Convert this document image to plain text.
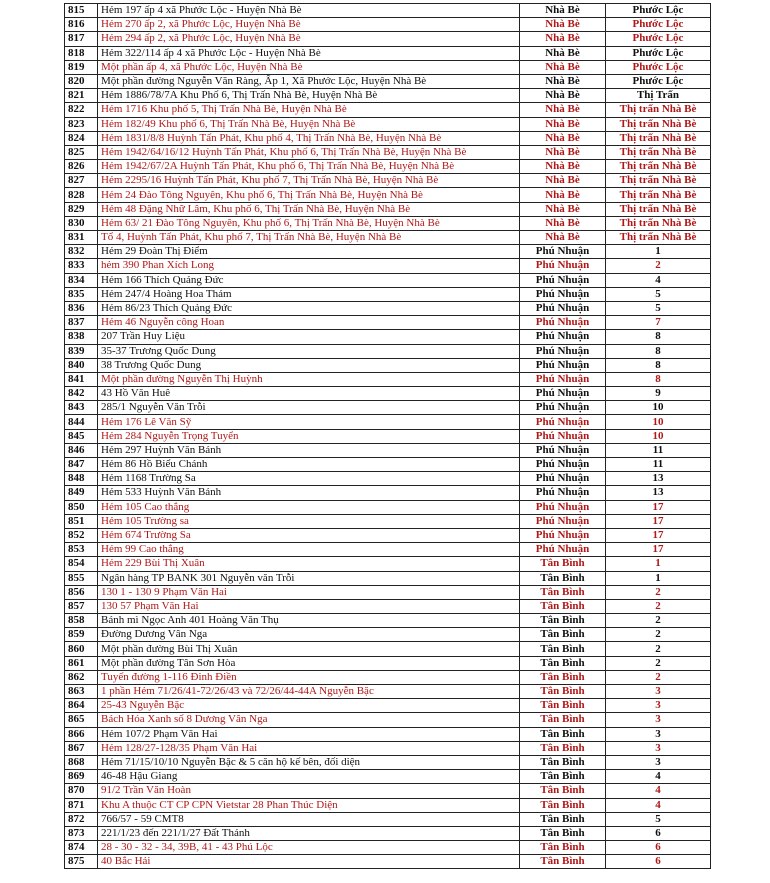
815	Hẻm 197 ấp 4 xã Phước Lộc - Huyện Nhà Bè	Nhà Bè	Phước Lộc
816	Hẻm 270 ấp 2, xã Phước Lộc, Huyện Nhà Bè	Nhà Bè	Phước Lộc
817	Hẻm 294 ấp 2, xã Phước Lộc, Huyện Nhà Bè	Nhà Bè	Phước Lộc
818	Hẻm 322/114 ấp 4 xã Phước Lộc - Huyện Nhà Bè	Nhà Bè	Phước Lộc
819	Một phần ấp 4, xã Phước Lộc, Huyện Nhà Bè	Nhà Bè	Phước Lộc
820	Một phần đường Nguyễn Văn Ràng, Ấp 1, Xã Phước Lộc, Huyện Nhà Bè	Nhà Bè	Phước Lộc
821	Hẻm 1886/78/7A Khu Phố 6, Thị Trấn Nhà Bè, Huyện Nhà Bè	Nhà Bè	Thị Trấn
822	Hẻm 1716 Khu phố 5, Thị Trấn Nhà Bè, Huyện Nhà Bè	Nhà Bè	Thị trấn Nhà Bè
823	Hẻm 182/49 Khu phố 6, Thị Trấn Nhà Bè, Huyện Nhà Bè	Nhà Bè	Thị trấn Nhà Bè
824	Hẻm 1831/8/8 Huỳnh Tấn Phát, Khu phố 4, Thị Trấn Nhà Bè, Huyện Nhà Bè	Nhà Bè	Thị trấn Nhà Bè
825	Hẻm 1942/64/16/12 Huỳnh Tấn Phát, Khu phố 6, Thị Trấn Nhà Bè, Huyện Nhà Bè	Nhà Bè	Thị trấn Nhà Bè
826	Hẻm 1942/67/2A Huỳnh Tấn Phát, Khu phố 6, Thị Trấn Nhà Bè, Huyện Nhà Bè	Nhà Bè	Thị trấn Nhà Bè
827	Hẻm 2295/16 Huỳnh Tấn Phát, Khu phố 7, Thị Trấn Nhà Bè, Huyện Nhà Bè	Nhà Bè	Thị trấn Nhà Bè
828	Hẻm 24 Đào Tông Nguyên, Khu phố 6, Thị Trấn Nhà Bè, Huyện Nhà Bè	Nhà Bè	Thị trấn Nhà Bè
829	Hẻm 48 Đặng Nhữ Lâm, Khu phố 6, Thị Trấn Nhà Bè, Huyện Nhà Bè	Nhà Bè	Thị trấn Nhà Bè
830	Hẻm 63/ 21 Đào Tông Nguyên, Khu phố 6, Thị Trấn Nhà Bè, Huyện Nhà Bè	Nhà Bè	Thị trấn Nhà Bè
831	Tổ 4, Huỳnh Tấn Phát, Khu phố 7, Thị Trấn Nhà Bè, Huyện Nhà Bè	Nhà Bè	Thị trấn Nhà Bè
832	Hẻm 29 Đoàn Thị Điểm	Phú Nhuận	1
833	hẻm 390 Phan Xích Long	Phú Nhuận	2
834	Hẻm 166 Thích Quảng Đức	Phú Nhuận	4
835	Hẻm 247/4 Hoàng Hoa Thám	Phú Nhuận	5
836	Hẻm 86/23 Thích Quảng Đức	Phú Nhuận	5
837	Hẻm 46 Nguyễn công Hoan	Phú Nhuận	7
838	207 Trần Huy Liệu	Phú Nhuận	8
839	35-37 Trương Quốc Dung	Phú Nhuận	8
840	38 Trương Quốc Dung	Phú Nhuận	8
841	Một phần đường Nguyễn Thị Huỳnh	Phú Nhuận	8
842	43 Hồ Văn Huê	Phú Nhuận	9
843	285/1 Nguyễn Văn Trỗi	Phú Nhuận	10
844	Hẻm 176 Lê Văn Sỹ	Phú Nhuận	10
845	Hẻm 284 Nguyễn Trọng Tuyển	Phú Nhuận	10
846	Hẻm 297 Huỳnh Văn Bánh	Phú Nhuận	11
847	Hẻm 86 Hồ Biểu Chánh	Phú Nhuận	11
848	Hẻm 1168 Trường Sa	Phú Nhuận	13
849	Hẻm 533 Huỳnh Văn Bánh	Phú Nhuận	13
850	Hẻm 105 Cao thắng	Phú Nhuận	17
851	Hẻm 105 Trường sa	Phú Nhuận	17
852	Hẻm 674 Trường Sa	Phú Nhuận	17
853	Hẻm 99 Cao thắng	Phú Nhuận	17
854	Hẻm 229 Bùi Thị Xuân	Tân Bình	1
855	Ngân hàng TP BANK 301 Nguyễn văn Trỗi	Tân Bình	1
856	130 1 - 130 9 Phạm Văn Hai	Tân Bình	2
857	130 57 Phạm Văn Hai	Tân Bình	2
858	Bánh mì Ngọc Anh 401 Hoàng Văn Thụ	Tân Bình	2
859	Đường Dương Vân Nga	Tân Bình	2
860	Một phần đường Bùi Thị Xuân	Tân Bình	2
861	Một phần đường Tân Sơn Hòa	Tân Bình	2
862	Tuyến đường 1-116 Đinh Điền	Tân Bình	2
863	1 phần Hẻm 71/26/41-72/26/43 và 72/26/44-44A Nguyễn Bặc	Tân Bình	3
864	25-43 Nguyễn Bặc	Tân Bình	3
865	Bách Hóa Xanh số 8 Dương Vân Nga	Tân Bình	3
866	Hẻm 107/2 Phạm Văn Hai	Tân Bình	3
867	Hẻm 128/27-128/35 Phạm Văn Hai	Tân Bình	3
868	Hẻm 71/15/10/10 Nguyễn Bặc & 5 căn hộ kế bên, đối diện	Tân Bình	3
869	46-48 Hậu Giang	Tân Bình	4
870	91/2 Trần Văn Hoàn	Tân Bình	4
871	Khu A thuộc CT CP CPN Vietstar 28 Phan Thúc Diện	Tân Bình	4
872	766/57 - 59 CMT8	Tân Bình	5
873	221/1/23 đến 221/1/27 Đất Thánh	Tân Bình	6
874	28 - 30 - 32 - 34, 39B, 41 - 43 Phú Lộc	Tân Bình	6
875	40 Bắc Hải	Tân Bình	6
